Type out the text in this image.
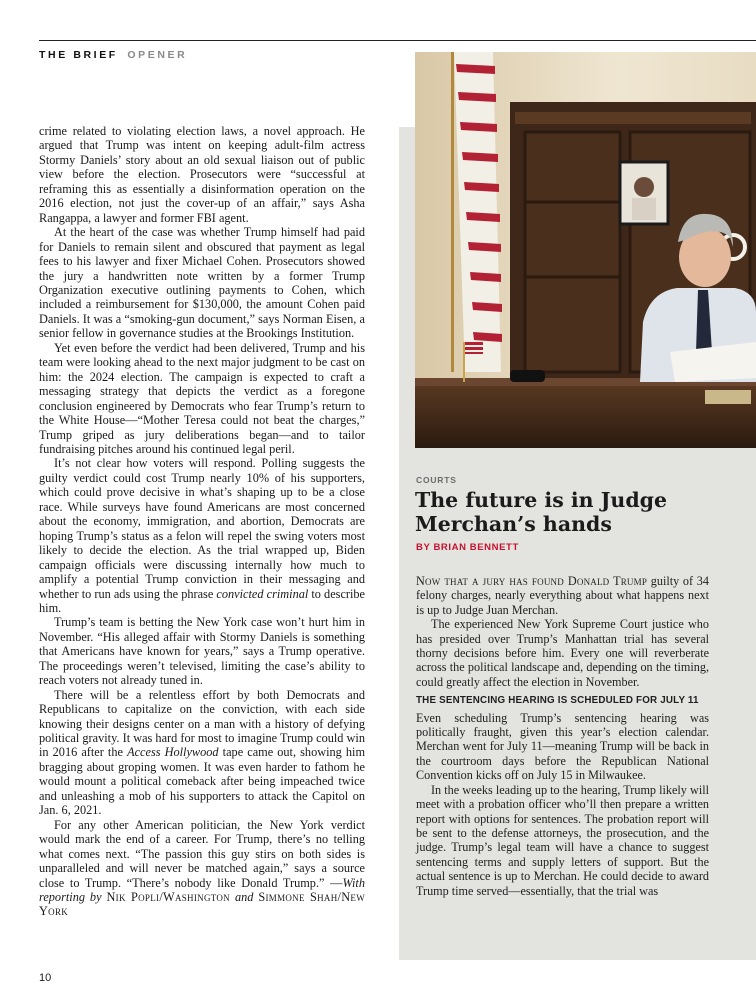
THE BRIEF OPENER

crime related to violating election laws, a novel approach. He argued that Trump was intent on keeping adult-film actress Stormy Daniels’ story about an old sexual liaison out of public view before the election. Prosecutors were “successful at reframing this as essentially a disinformation operation on the 2016 election, not just the cover-up of an affair,” says Asha Rangappa, a lawyer and former FBI agent.

At the heart of the case was whether Trump himself had paid for Daniels to remain silent and obscured that payment as legal fees to his lawyer and fixer Michael Cohen. Prosecutors showed the jury a handwritten note written by a former Trump Organization executive outlining payments to Cohen, which included a reimbursement for $130,000, the amount Cohen paid Daniels. It was a “smoking-gun document,” says Norman Eisen, a senior fellow in governance studies at the Brookings Institution.

Yet even before the verdict had been delivered, Trump and his team were looking ahead to the next major judgment to be cast on him: the 2024 election. The campaign is expected to craft a messaging strategy that depicts the verdict as a foregone conclusion engineered by Democrats who fear Trump’s return to the White House—“Mother Teresa could not beat the charges,” Trump griped as jury deliberations began—and to tailor fundraising pitches around his continued legal peril.

It’s not clear how voters will respond. Polling suggests the guilty verdict could cost Trump nearly 10% of his supporters, which could prove decisive in what’s shaping up to be a close race. While surveys have found Americans are most concerned about the economy, immigration, and abortion, Democrats are hoping Trump’s status as a felon will repel the swing voters most likely to decide the election. As the trial wrapped up, Biden campaign officials were discussing internally how much to amplify a potential Trump conviction in their messaging and whether to run ads using the phrase convicted criminal to describe him.

Trump’s team is betting the New York case won’t hurt him in November. “His alleged affair with Stormy Daniels is something that Americans have known for years,” says a Trump operative. The proceedings weren’t televised, limiting the case’s ability to reach voters not already tuned in.

There will be a relentless effort by both Democrats and Republicans to capitalize on the conviction, with each side knowing their designs center on a man with a history of defying political gravity. It was hard for most to imagine Trump could win in 2016 after the Access Hollywood tape came out, showing him bragging about groping women. It was even harder to fathom he would mount a political comeback after being impeached twice and unleashing a mob of his supporters to attack the Capitol on Jan. 6, 2021.

For any other American politician, the New York verdict would mark the end of a career. For Trump, there’s no telling what comes next. “The passion this guy stirs on both sides is unparalleled and will never be matched again,” says a source close to Trump. “There’s nobody like Donald Trump.” —With reporting by Nik Popli/Washington and Simmone Shah/New York

10
COURTS
The future is in Judge Merchan’s hands
BY BRIAN BENNETT

Now that a jury has found Donald Trump guilty of 34 felony charges, nearly everything about what happens next is up to Judge Juan Merchan.

The experienced New York Supreme Court justice who has presided over Trump’s Manhattan trial has several thorny decisions before him. Every one will reverberate across the political landscape and, depending on the timing, could greatly affect the election in November.

THE SENTENCING HEARING IS SCHEDULED FOR JULY 11

Even scheduling Trump’s sentencing hearing was politically fraught, given this year’s election calendar. Merchan went for July 11—meaning Trump will be back in the courtroom days before the Republican National Convention kicks off on July 15 in Milwaukee.

In the weeks leading up to the hearing, Trump likely will meet with a probation officer who’ll then prepare a written report with options for sentences. The probation report will be sent to the defense attorneys, the prosecution, and the judge. Trump’s legal team will have a chance to suggest sentencing terms and supply letters of support. But the actual sentence is up to Merchan. He could decide to award Trump time served—essentially, that the trial was
